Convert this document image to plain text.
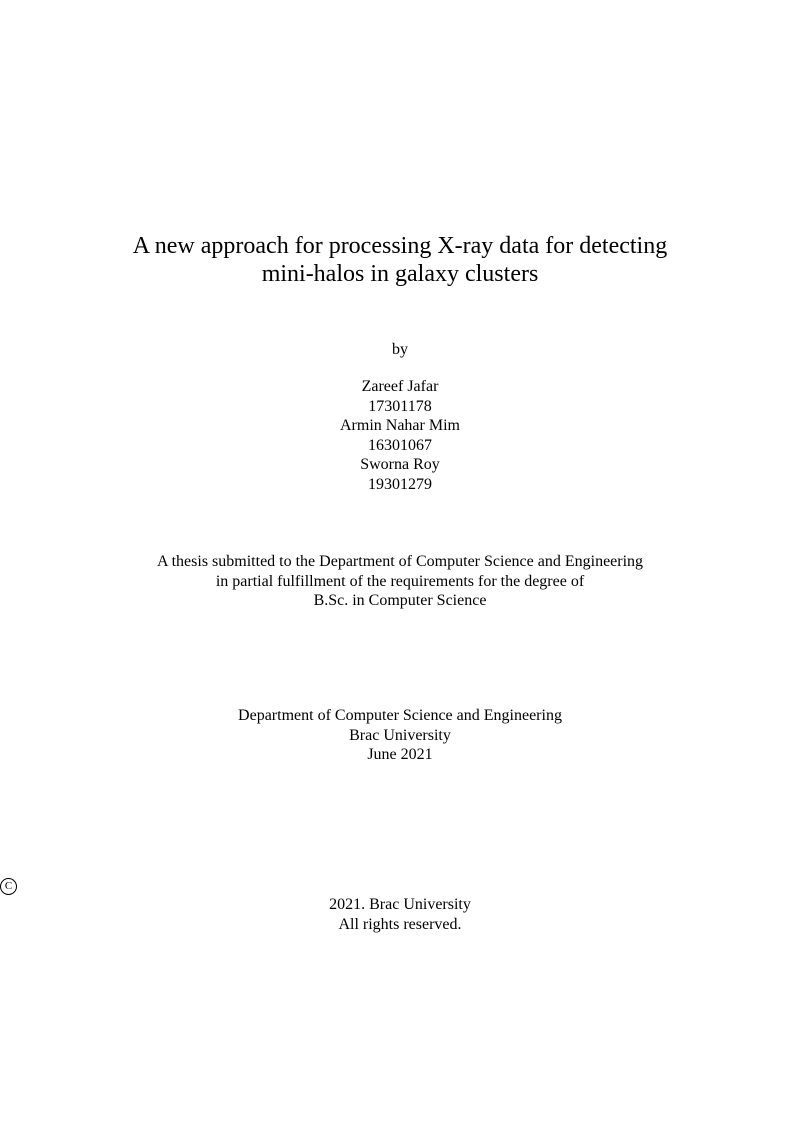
A new approach for processing X-ray data for detecting
mini-halos in galaxy clusters
by
Zareef Jafar
17301178
Armin Nahar Mim
16301067
Sworna Roy
19301279
A thesis submitted to the Department of Computer Science and Engineering
in partial fulfillment of the requirements for the degree of
B.Sc. in Computer Science
Department of Computer Science and Engineering
Brac University
June 2021
C
2021. Brac University
All rights reserved.
